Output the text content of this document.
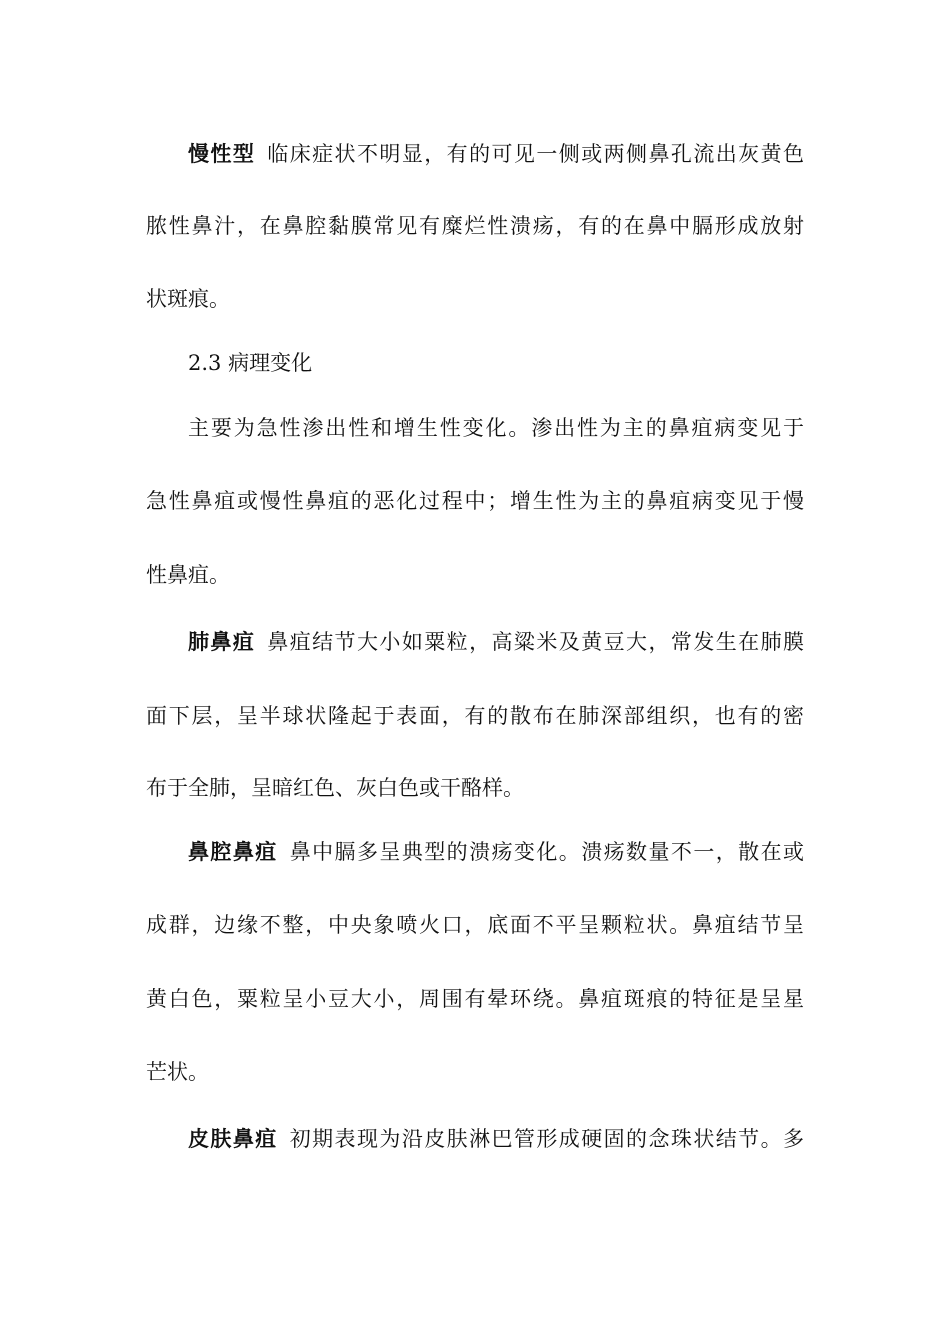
慢性型 临床症状不明显，有的可见一侧或两侧鼻孔流出灰黄色
脓性鼻汁，在鼻腔黏膜常见有糜烂性溃疡，有的在鼻中膈形成放射
状斑痕。
2.3 病理变化
主要为急性渗出性和增生性变化。渗出性为主的鼻疽病变见于
急性鼻疽或慢性鼻疽的恶化过程中；增生性为主的鼻疽病变见于慢
性鼻疽。
肺鼻疽 鼻疽结节大小如粟粒，高粱米及黄豆大，常发生在肺膜
面下层，呈半球状隆起于表面，有的散布在肺深部组织，也有的密
布于全肺，呈暗红色、灰白色或干酪样。
鼻腔鼻疽 鼻中膈多呈典型的溃疡变化。溃疡数量不一，散在或
成群，边缘不整，中央象喷火口，底面不平呈颗粒状。鼻疽结节呈
黄白色，粟粒呈小豆大小，周围有晕环绕。鼻疽斑痕的特征是呈星
芒状。
皮肤鼻疽 初期表现为沿皮肤淋巴管形成硬固的念珠状结节。多
